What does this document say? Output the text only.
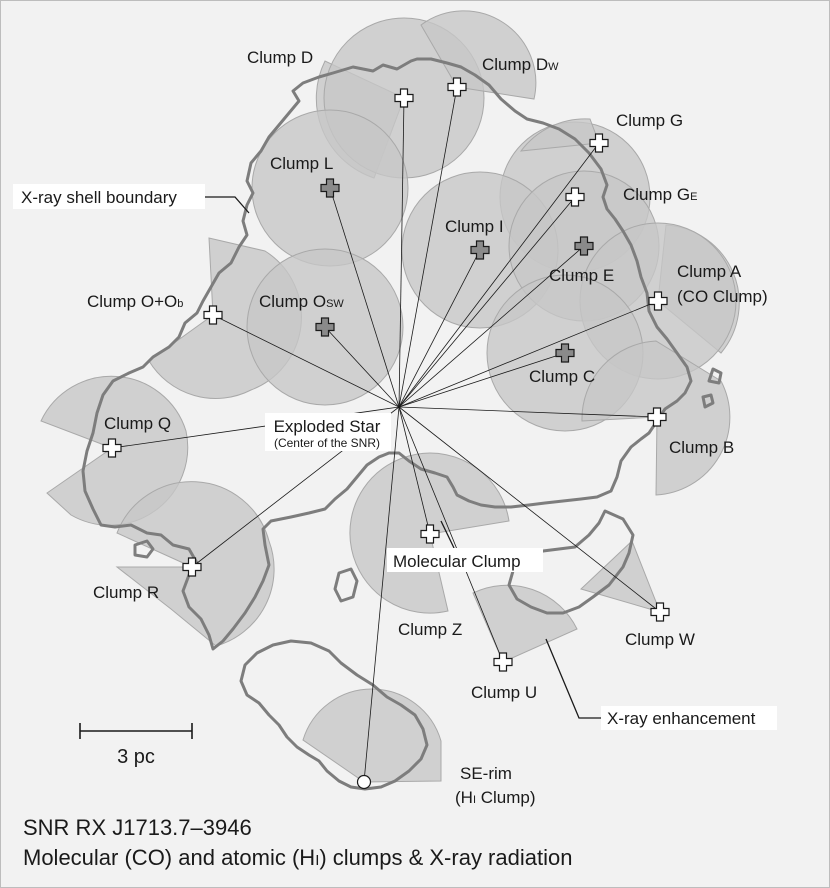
Clump D	Clump DW
Clump G
Clump GE
Clump L
Clump I
Clump E	Clump A
(CO Clump)
Clump O+Ob	Clump OSW
Clump C
Clump Q
Clump B
Clump R
Clump Z
Clump U
Clump W
X-ray shell boundary
Exploded Star
(Center of the SNR)
Molecular Clump
X-ray enhancement
SE-rim
(HI Clump)
3 pc
SNR RX J1713.7–3946
Molecular (CO) and atomic (HI) clumps & X-ray radiation
